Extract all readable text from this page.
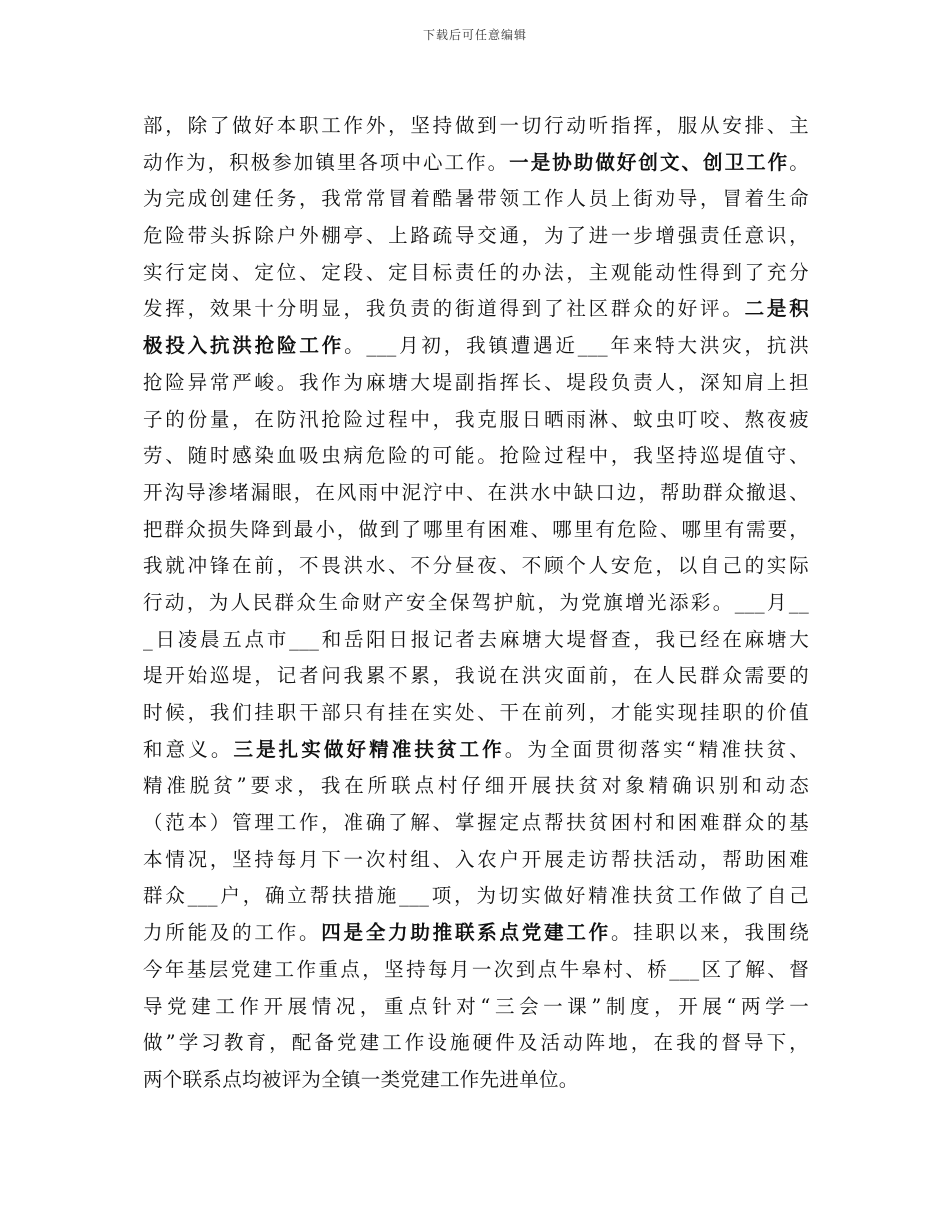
下载后可任意编辑
部，除了做好本职工作外，坚持做到一切行动听指挥，服从安排、主
动作为，积极参加镇里各项中心工作。一是协助做好创文、创卫工作。
为完成创建任务，我常常冒着酷暑带领工作人员上街劝导，冒着生命
危险带头拆除户外棚亭、上路疏导交通，为了进一步增强责任意识，
实行定岗、定位、定段、定目标责任的办法，主观能动性得到了充分
发挥，效果十分明显，我负责的街道得到了社区群众的好评。二是积
极投入抗洪抢险工作。___月初，我镇遭遇近___年来特大洪灾，抗洪
抢险异常严峻。我作为麻塘大堤副指挥长、堤段负责人，深知肩上担
子的份量，在防汛抢险过程中，我克服日晒雨淋、蚊虫叮咬、熬夜疲
劳、随时感染血吸虫病危险的可能。抢险过程中，我坚持巡堤值守、
开沟导渗堵漏眼，在风雨中泥泞中、在洪水中缺口边，帮助群众撤退、
把群众损失降到最小，做到了哪里有困难、哪里有危险、哪里有需要，
我就冲锋在前，不畏洪水、不分昼夜、不顾个人安危，以自己的实际
行动，为人民群众生命财产安全保驾护航，为党旗增光添彩。___月__
_日凌晨五点市___和岳阳日报记者去麻塘大堤督查，我已经在麻塘大
堤开始巡堤，记者问我累不累，我说在洪灾面前，在人民群众需要的
时候，我们挂职干部只有挂在实处、干在前列，才能实现挂职的价值
和意义。三是扎实做好精准扶贫工作。为全面贯彻落实“精准扶贫、
精准脱贫”要求，我在所联点村仔细开展扶贫对象精确识别和动态
（范本）管理工作，准确了解、掌握定点帮扶贫困村和困难群众的基
本情况，坚持每月下一次村组、入农户开展走访帮扶活动，帮助困难
群众___户，确立帮扶措施___项，为切实做好精准扶贫工作做了自己
力所能及的工作。四是全力助推联系点党建工作。挂职以来，我围绕
今年基层党建工作重点，坚持每月一次到点牛皋村、桥___区了解、督
导党建工作开展情况，重点针对“三会一课”制度，开展“两学一
做”学习教育，配备党建工作设施硬件及活动阵地，在我的督导下，
两个联系点均被评为全镇一类党建工作先进单位。
